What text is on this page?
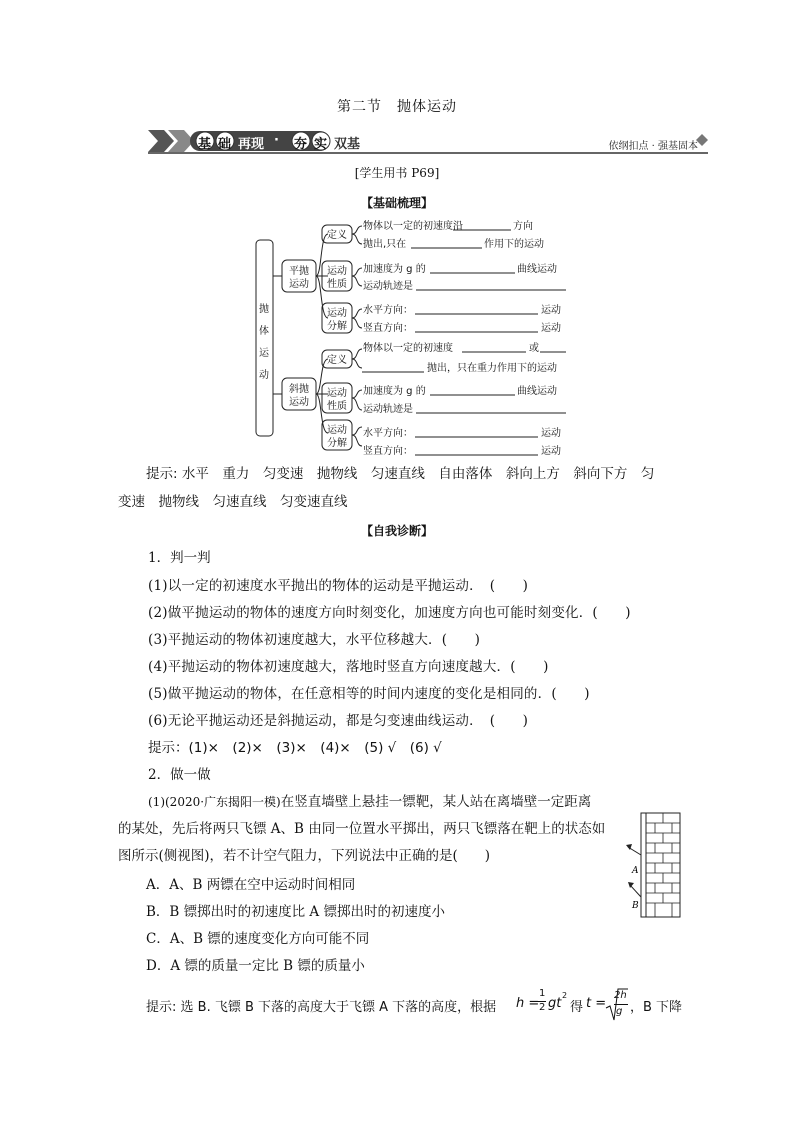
第二节　抛体运动
基 础 再现 · 夯 实 双基	依纲扣点 · 强基固本
[学生用书 P69]
【基础梳理】
抛
体
运
动
平抛
运动
斜抛
运动
定义
运动
性质
运动
分解
定义
运动
性质
运动
分解
物体以一定的初速度沿	方向
抛出,只在	作用下的运动
加速度为 g 的	曲线运动
运动轨迹是
水平方向：	运动
竖直方向：	运动
物体以一定的初速度	或
抛出，只在重力作用下的运动
加速度为 g 的	曲线运动
运动轨迹是
水平方向：	运动
竖直方向：	运动
提示: 水平　重力　匀变速　抛物线　匀速直线　自由落体　斜向上方　斜向下方　匀
变速　抛物线　匀速直线　匀变速直线
【自我诊断】
1．判一判
(1)以一定的初速度水平抛出的物体的运动是平抛运动．　(　　)
(2)做平抛运动的物体的速度方向时刻变化，加速度方向也可能时刻变化．(　　)
(3)平抛运动的物体初速度越大，水平位移越大．(　　)
(4)平抛运动的物体初速度越大，落地时竖直方向速度越大．(　　)
(5)做平抛运动的物体，在任意相等的时间内速度的变化是相同的．(　　)
(6)无论平抛运动还是斜抛运动，都是匀变速曲线运动．　(　　)
提示：(1)×　(2)×　(3)×　(4)×　(5) √　(6) √
2．做一做
(1)(2020·广东揭阳一模)在竖直墙壁上悬挂一镖靶，某人站在离墙壁一定距离
的某处，先后将两只飞镖 A、B 由同一位置水平掷出，两只飞镖落在靶上的状态如
图所示(侧视图)，若不计空气阻力，下列说法中正确的是(　　)
A．A、B 两镖在空中运动时间相同
B．B 镖掷出时的初速度比 A 镖掷出时的初速度小
C．A、B 镖的速度变化方向可能不同
D．A 镖的质量一定比 B 镖的质量小
A
B
提示: 选 B. 飞镖 B 下落的高度大于飞镖 A 下落的高度，根据 h =
1
2 gt
2
得 t =
2h
g ，B 下降
